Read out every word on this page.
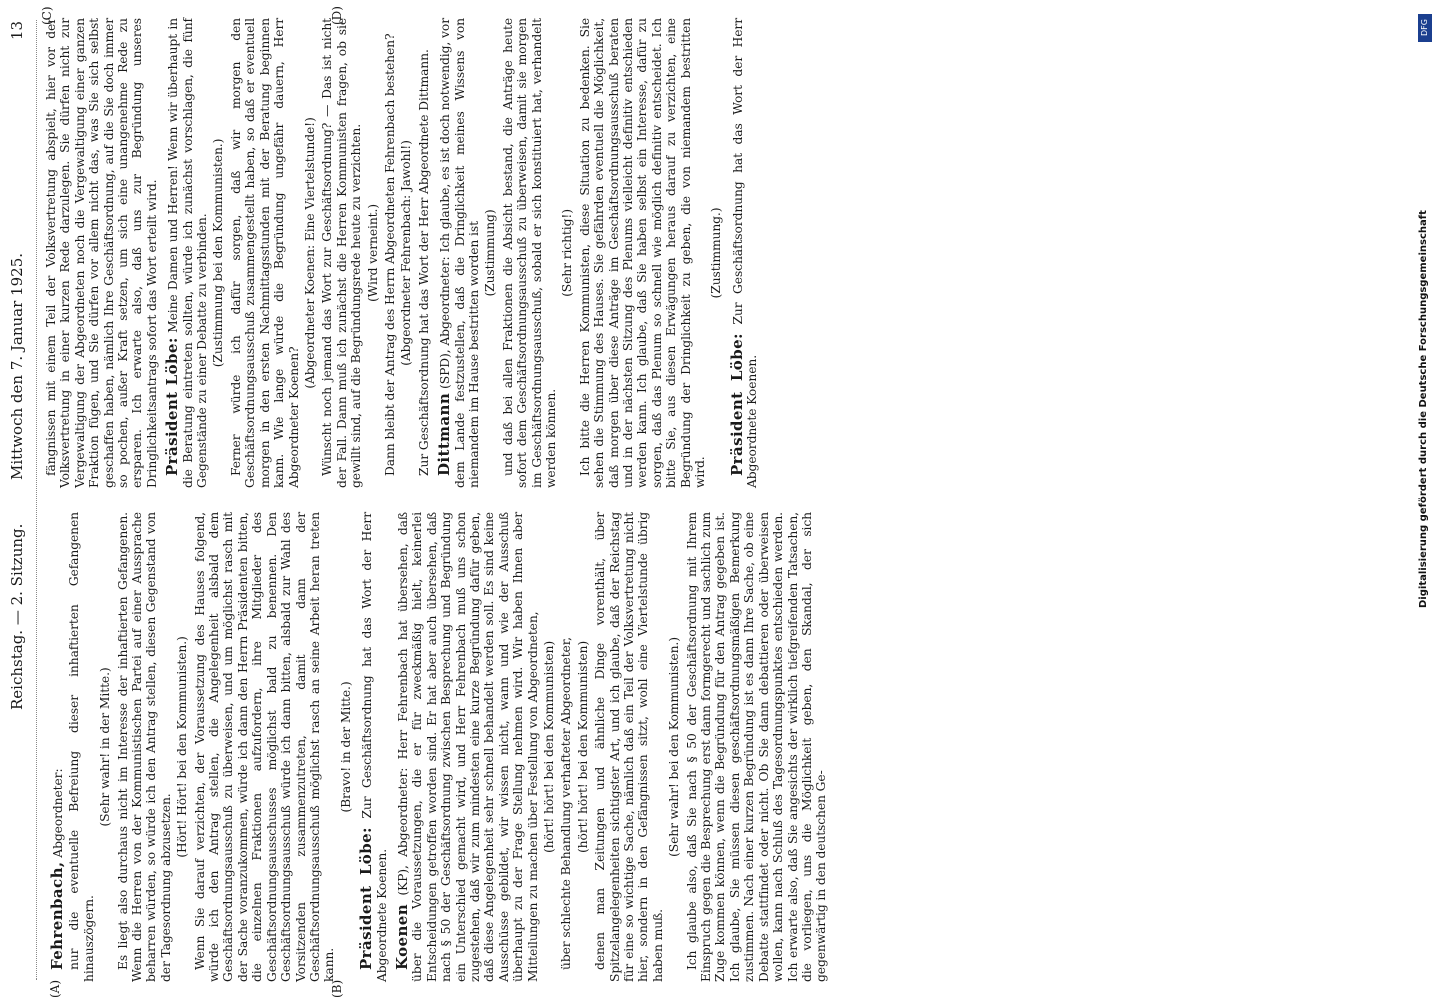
Reichstag. — 2. Sitzung.
Mittwoch den 7. Januar 1925.
13
(A)	(B)
(C)	(D)

Fehrenbach, Abgeordneter: nur die eventuelle Befreiung dieser inhaftierten Gefangenen hinauszögern.

(Sehr wahr! in der Mitte.) Es liegt also durchaus nicht im Interesse der inhaftierten Gefangenen. Wenn die Herren von der Kommunistischen Partei auf einer Aussprache beharren würden, so würde ich den Antrag stellen, diesen Gegenstand von der Tagesordnung abzusetzen.

(Hört! Hört! bei den Kommunisten.) Wenn Sie darauf verzichten, der Voraussetzung des Hauses folgend, würde ich den Antrag stellen, die Angelegenheit alsbald dem Geschäftsordnungsausschuß zu überweisen, und um möglichst rasch mit der Sache voranzukommen, würde ich dann den Herrn Präsidenten bitten, die einzelnen Fraktionen aufzufordern, ihre Mitglieder des Geschäftsordnungsausschusses möglichst bald zu benennen. Den Geschäftsordnungsausschuß würde ich dann bitten, alsbald zur Wahl des Vorsitzenden zusammenzutreten, damit dann der Geschäftsordnungsausschuß möglichst rasch an seine Arbeit heran treten kann.

(Bravo! in der Mitte.)

Präsident Löbe: Zur Geschäftsordnung hat das Wort der Herr Abgeordnete Koenen. Koenen (KP), Abgeordneter: Herr Fehrenbach hat übersehen, daß über die Voraussetzungen, die er für zweckmäßig hielt, keinerlei Entscheidungen getroffen worden sind. Er hat aber auch übersehen, daß nach § 50 der Geschäftsordnung zwischen Besprechung und Begründung ein Unterschied gemacht wird, und Herr Fehrenbach muß uns schon zugestehen, daß wir zum mindesten eine kurze Begründung dafür geben, daß diese Angelegenheit sehr schnell behandelt werden soll. Es sind keine Ausschüsse gebildet, wir wissen nicht, wann und wie der Ausschuß überhaupt zu der Frage Stellung nehmen wird. Wir haben Ihnen aber Mitteilungen zu machen über Festellung von Abgeordneten, (hört! hört! bei den Kommunisten) über schlechte Behandlung verhafteter Abgeordneter, (hört! hört! bei den Kommunisten) denen man Zeitungen und ähnliche Dinge vorenthält, über Spitzelangelegenheiten sichtigster Art, und ich glaube, daß der Reichstag für eine so wichtige Sache, nämlich daß ein Teil der Volksvertretung nicht hier, sondern in den Gefängnissen sitzt, wohl eine Viertelstunde übrig haben muß.

(Sehr wahr! bei den Kommunisten.) Ich glaube also, daß Sie nach § 50 der Geschäftsordnung mit Ihrem Einspruch gegen die Besprechung erst dann formgerecht und sachlich zum Zuge kommen können, wenn die Begründung für den Antrag gegeben ist. Ich glaube, Sie müssen diesen geschäftsordnungsmäßigen Bemerkung zustimmen. Nach einer kurzen Begründung ist es dann Ihre Sache, ob eine Debatte stattfindet oder nicht. Ob Sie dann debattieren oder überweisen wollen, kann nach Schluß des Tagesordnungspunktes entschieden werden. Ich erwarte also, daß Sie angesichts der wirklich tiefgreifenden Tatsachen, die vorliegen, uns die Möglichkeit geben, den Skandal, der sich gegenwärtig in den deutschen Ge-

fängnissen mit einem Teil der Volksvertretung abspielt, hier vor der Volksvertretung in einer kurzen Rede darzulegen. Sie dürfen nicht zur Vergewaltigung der Abgeordneten noch die Vergewaltigung einer ganzen Fraktion fügen, und Sie dürfen vor allem nicht das, was Sie sich selbst geschaffen haben, nämlich Ihre Geschäftsordnung, auf die Sie doch immer so pochen, außer Kraft setzen, um sich eine unangenehme Rede zu ersparen. Ich erwarte also, daß uns zur Begründung unseres Dringlichkeitsantrags sofort das Wort erteilt wird. Präsident Löbe: Meine Damen und Herren! Wenn wir überhaupt in die Beratung eintreten sollten, würde ich zunächst vorschlagen, die fünf Gegenstände zu einer Debatte zu verbinden. (Zustimmung bei den Kommunisten.) Ferner würde ich dafür sorgen, daß wir morgen den Geschäftsordnungsausschuß zusammengestellt haben, so daß er eventuell morgen in den ersten Nachmittagsstunden mit der Beratung beginnen kann. Wie lange würde die Begründung ungefähr dauern, Herr Abgeordneter Koenen?

(Abgeordneter Koenen: Eine Viertelstunde!) Wünscht noch jemand das Wort zur Geschäftsordnung? — Das ist nicht der Fall. Dann muß ich zunächst die Herren Kommunisten fragen, ob sie gewillt sind, auf die Begründungsrede heute zu verzichten. (Wird verneint.) Dann bleibt der Antrag des Herrn Abgeordneten Fehrenbach bestehen? (Abgeordneter Fehrenbach: Jawohl!) Zur Geschäftsordnung hat das Wort der Herr Abgeordnete Dittmann. Dittmann (SPD), Abgeordneter: Ich glaube, es ist doch notwendig, vor dem Lande festzustellen, daß die Dringlichkeit meines Wissens von niemandem im Hause bestritten worden ist (Zustimmung) und daß bei allen Fraktionen die Absicht bestand, die Anträge heute sofort dem Geschäftsordnungsausschuß zu überweisen, damit sie morgen im Geschäftsordnungsausschuß, sobald er sich konstituiert hat, verhandelt werden können.

(Sehr richtig!) Ich bitte die Herren Kommunisten, diese Situation zu bedenken. Sie sehen die Stimmung des Hauses. Sie gefährden eventuell die Möglichkeit, daß morgen über diese Anträge im Geschäftsordnungsausschuß beraten und in der nächsten Sitzung des Plenums vielleicht definitiv entschieden werden kann. Ich glaube, daß Sie haben selbst ein Interesse, dafür zu sorgen, daß das Plenum so schnell wie möglich definitiv entscheidet. Ich bitte Sie, aus diesen Erwägungen heraus darauf zu verzichten, eine Begründung der Dringlichkeit zu geben, die von niemandem bestritten wird.

(Zustimmung.)

Präsident Löbe: Zur Geschäftsordnung hat das Wort der Herr Abgeordnete Koenen.

DFG
Digitalisierung gefördert durch die Deutsche Forschungsgemeinschaft
